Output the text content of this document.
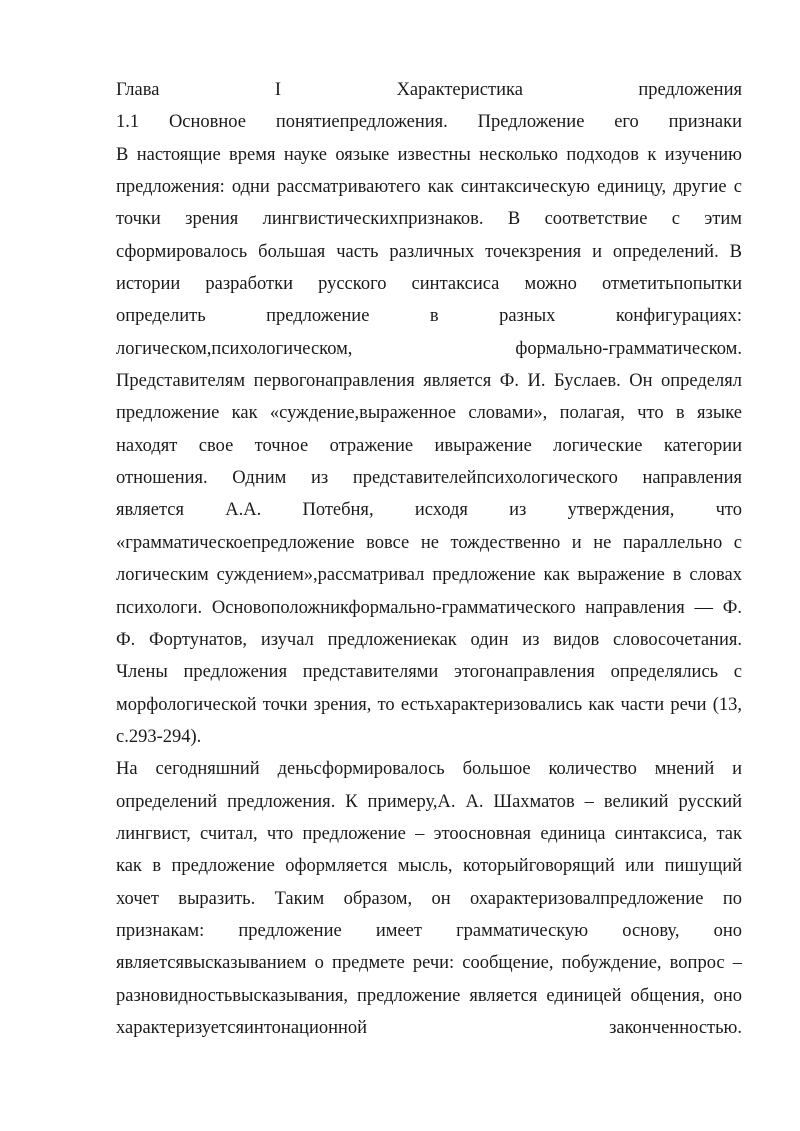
Глава I Характеристика предложения
1.1 Основное понятиепредложения. Предложение его признаки
В настоящие время науке оязыке известны несколько подходов к изучению
предложения: одни рассматриваютего как синтаксическую единицу, другие с
точки зрения лингвистическихпризнаков. В соответствие с этим
сформировалось большая часть различных точекзрения и определений. В
истории разработки русского синтаксиса можно отметитьпопытки
определить предложение в разных конфигурациях:
логическом,психологическом, формально-грамматическом.
Представителям первогонаправления является Ф. И. Буслаев. Он определял
предложение как «суждение,выраженное словами», полагая, что в языке
находят свое точное отражение ивыражение логические категории
отношения. Одним из представителейпсихологического направления
является А.А. Потебня, исходя из утверждения, что
«грамматическоепредложение вовсе не тождественно и не параллельно с
логическим суждением»,рассматривал предложение как выражение в словах
психологи. Основоположникформально-грамматического направления — Ф.
Ф. Фортунатов, изучал предложениекак один из видов словосочетания.
Члены предложения представителями этогонаправления определялись с
морфологической точки зрения, то естьхарактеризовались как части речи (13,
с.293-294).
На сегодняшний деньсформировалось большое количество мнений и
определений предложения. К примеру,А. А. Шахматов – великий русский
лингвист, считал, что предложение – этоосновная единица синтаксиса, так
как в предложение оформляется мысль, которыйговорящий или пишущий
хочет выразить. Таким образом, он охарактеризовалпредложение по
признакам: предложение имеет грамматическую основу, оно
являетсявысказыванием о предмете речи: сообщение, побуждение, вопрос –
разновидностьвысказывания, предложение является единицей общения, оно
характеризуетсяинтонационной законченностью.
